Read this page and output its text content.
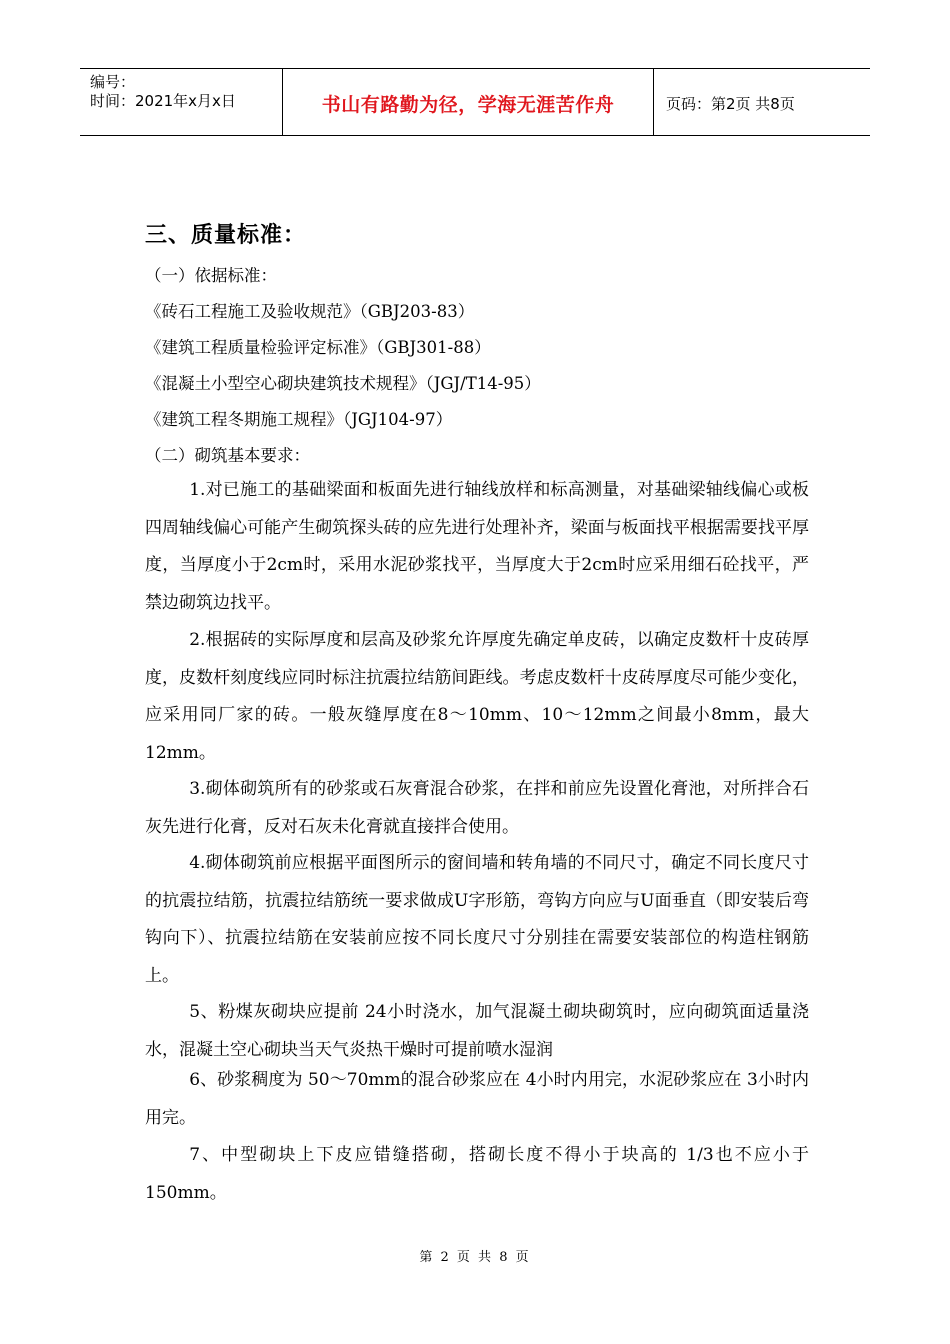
编号：
时间：2021年x月x日	书山有路勤为径，学海无涯苦作舟	页码：第2页 共8页
三、质量标准：
（一）依据标准：
《砖石工程施工及验收规范》（GBJ203-83）
《建筑工程质量检验评定标准》（GBJ301-88）
《混凝土小型空心砌块建筑技术规程》（JGJ/T14-95）
《建筑工程冬期施工规程》（JGJ104-97）
（二）砌筑基本要求：
1.对已施工的基础梁面和板面先进行轴线放样和标高测量，对基础梁轴线偏心或板四周轴线偏心可能产生砌筑探头砖的应先进行处理补齐，梁面与板面找平根据需要找平厚度，当厚度小于2cm时，采用水泥砂浆找平，当厚度大于2cm时应采用细石砼找平，严禁边砌筑边找平。
2.根据砖的实际厚度和层高及砂浆允许厚度先确定单皮砖，以确定皮数杆十皮砖厚度，皮数杆刻度线应同时标注抗震拉结筋间距线。考虑皮数杆十皮砖厚度尽可能少变化，应采用同厂家的砖。一般灰缝厚度在8～10mm、10～12mm之间最小8mm，最大12mm。
3.砌体砌筑所有的砂浆或石灰膏混合砂浆，在拌和前应先设置化膏池，对所拌合石灰先进行化膏，反对石灰未化膏就直接拌合使用。
4.砌体砌筑前应根据平面图所示的窗间墙和转角墙的不同尺寸，确定不同长度尺寸的抗震拉结筋，抗震拉结筋统一要求做成U字形筋，弯钩方向应与U面垂直（即安装后弯钩向下）、抗震拉结筋在安装前应按不同长度尺寸分别挂在需要安装部位的构造柱钢筋上。
5、粉煤灰砌块应提前 24小时浇水，加气混凝土砌块砌筑时，应向砌筑面适量浇水，混凝土空心砌块当天气炎热干燥时可提前喷水湿润
6、砂浆稠度为 50～70mm的混合砂浆应在 4小时内用完，水泥砂浆应在 3小时内用完。
7、中型砌块上下皮应错缝搭砌，搭砌长度不得小于块高的 1/3也不应小于 150mm。
第 2 页 共 8 页
